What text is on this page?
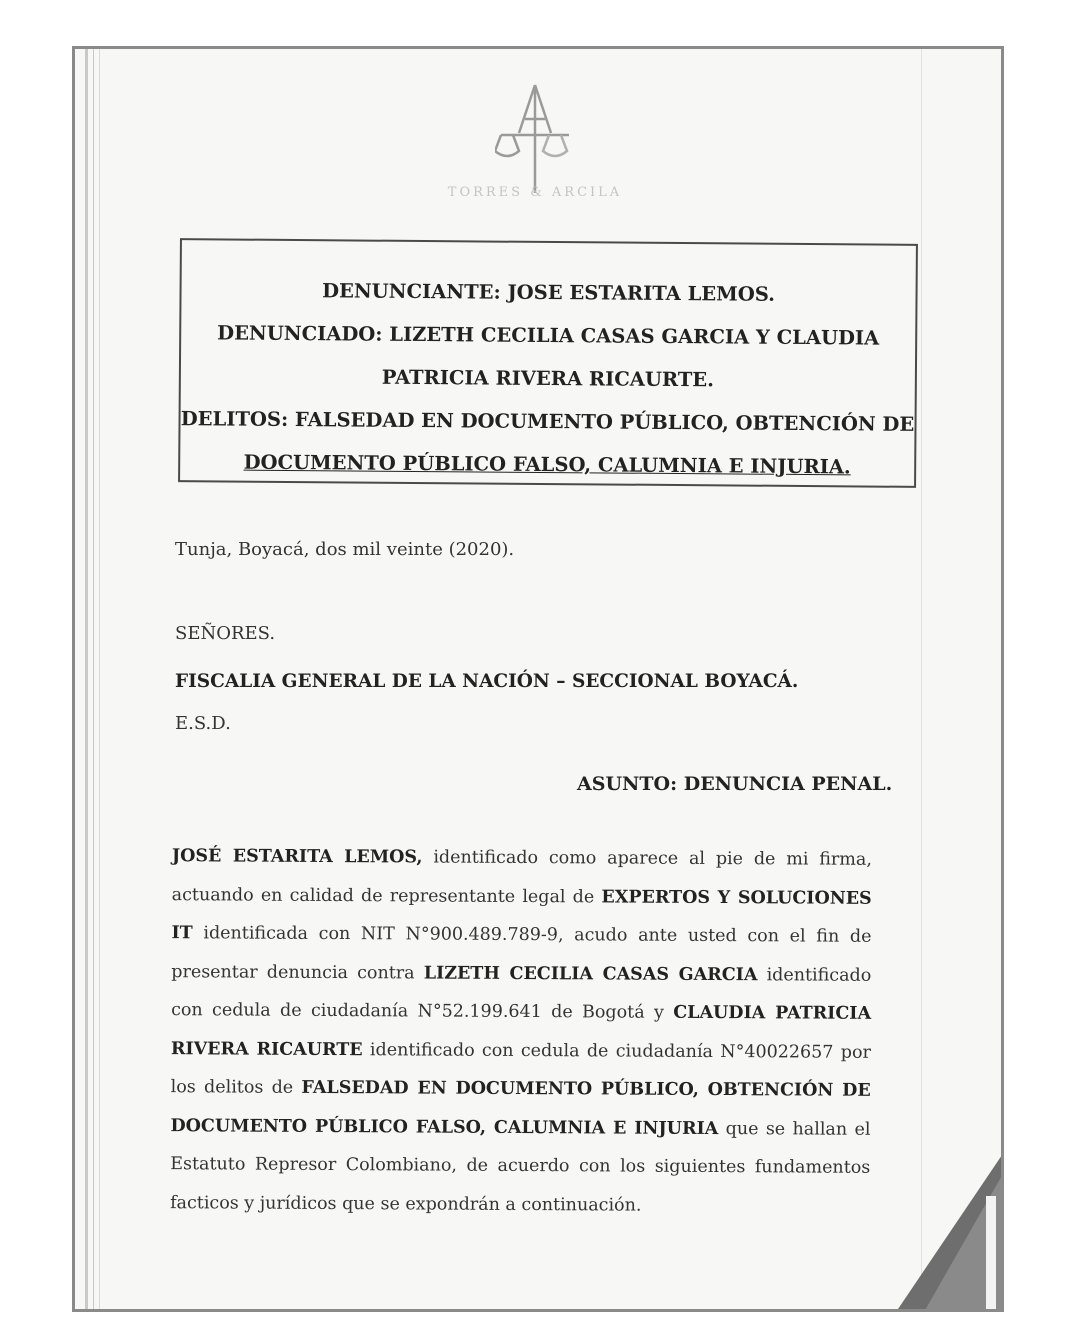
TORRES & ARCILA
DENUNCIANTE: JOSE ESTARITA LEMOS.
DENUNCIADO: LIZETH CECILIA CASAS GARCIA Y CLAUDIA
PATRICIA RIVERA RICAURTE.
DELITOS: FALSEDAD EN DOCUMENTO PÚBLICO, OBTENCIÓN DE
DOCUMENTO PÚBLICO FALSO, CALUMNIA E INJURIA.
Tunja, Boyacá, dos mil veinte (2020).
SEÑORES.
FISCALIA GENERAL DE LA NACIÓN – SECCIONAL BOYACÁ.
E.S.D.
ASUNTO: DENUNCIA PENAL.
JOSÉ ESTARITA LEMOS, identificado como aparece al pie de mi firma, actuando en calidad de representante legal de EXPERTOS Y SOLUCIONES IT identificada con NIT N°900.489.789-9, acudo ante usted con el fin de presentar denuncia contra LIZETH CECILIA CASAS GARCIA identificado con cedula de ciudadanía N°52.199.641 de Bogotá y CLAUDIA PATRICIA RIVERA RICAURTE identificado con cedula de ciudadanía N°40022657 por los delitos de FALSEDAD EN DOCUMENTO PÚBLICO, OBTENCIÓN DE DOCUMENTO PÚBLICO FALSO, CALUMNIA E INJURIA que se hallan el Estatuto Represor Colombiano, de acuerdo con los siguientes fundamentos facticos y jurídicos que se expondrán a continuación.
